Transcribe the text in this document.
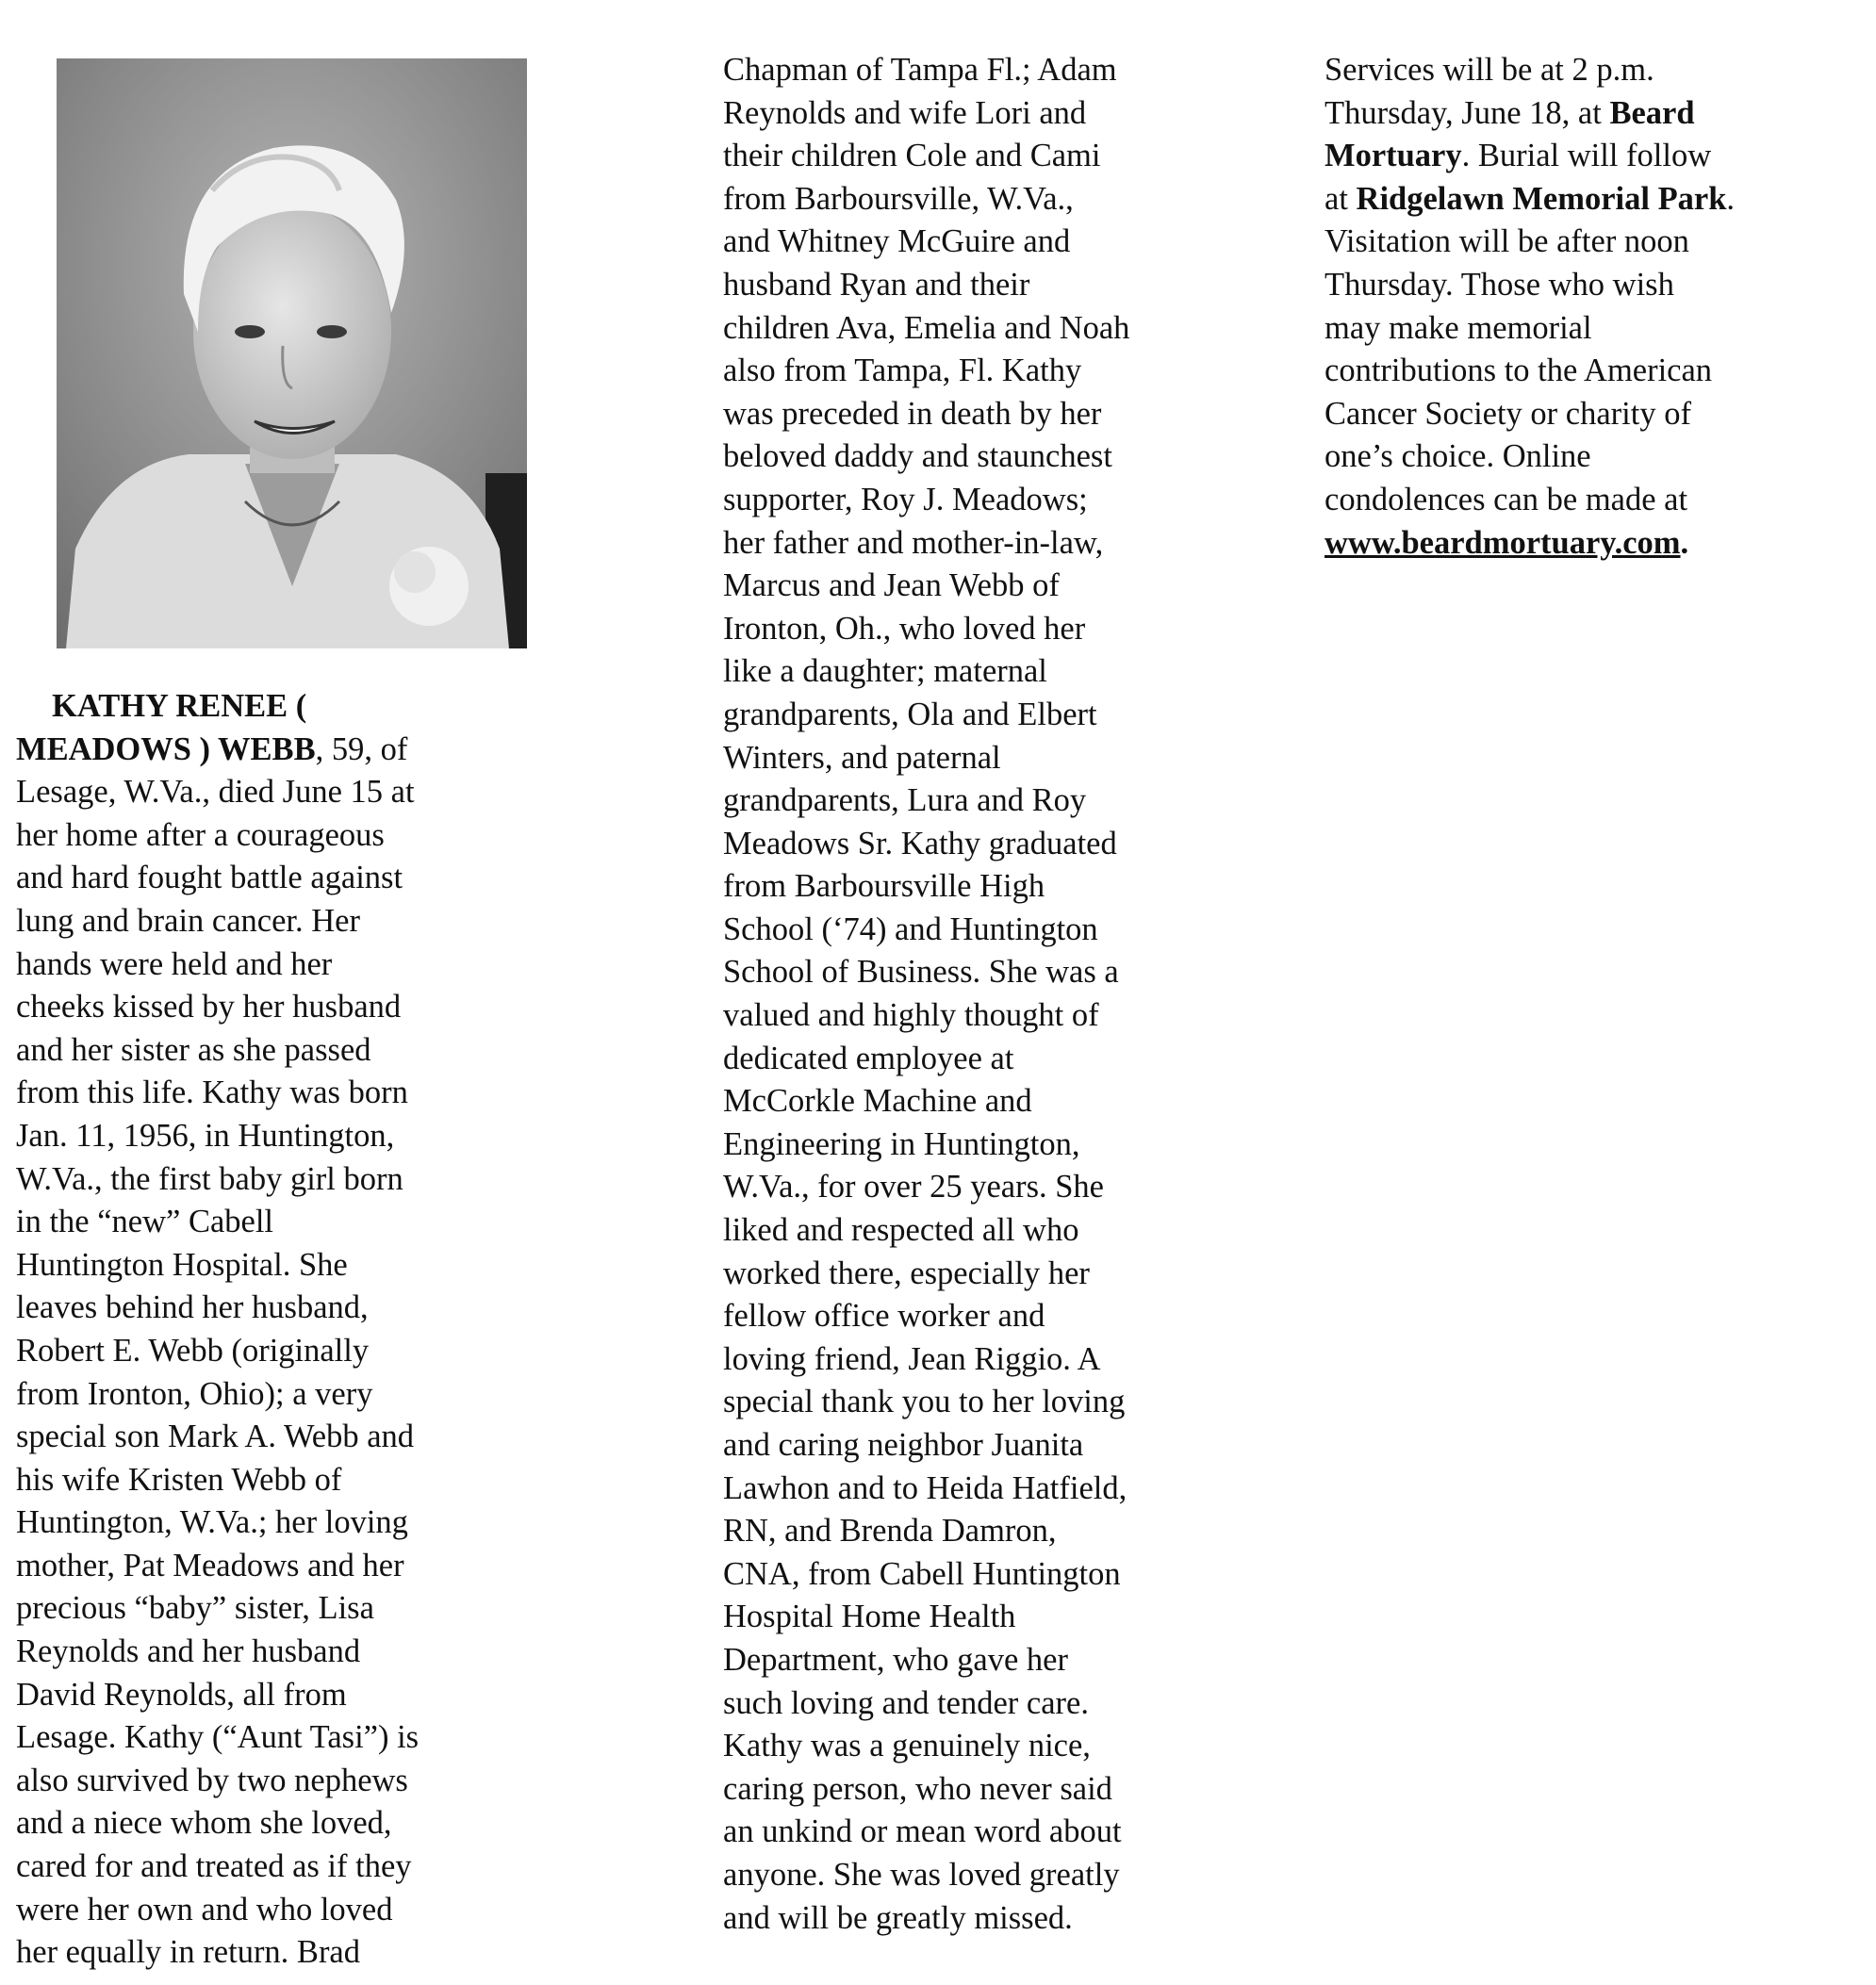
KATHY RENEE (
MEADOWS ) WEBB, 59, of
Lesage, W.Va., died June 15 at
her home after a courageous
and hard fought battle against
lung and brain cancer. Her
hands were held and her
cheeks kissed by her husband
and her sister as she passed
from this life. Kathy was born
Jan. 11, 1956, in Huntington,
W.Va., the first baby girl born
in the “new” Cabell
Huntington Hospital. She
leaves behind her husband,
Robert E. Webb (originally
from Ironton, Ohio); a very
special son Mark A. Webb and
his wife Kristen Webb of
Huntington, W.Va.; her loving
mother, Pat Meadows and her
precious “baby” sister, Lisa
Reynolds and her husband
David Reynolds, all from
Lesage. Kathy (“Aunt Tasi”) is
also survived by two nephews
and a niece whom she loved,
cared for and treated as if they
were her own and who loved
her equally in return. Brad
Chapman of Tampa Fl.; Adam
Reynolds and wife Lori and
their children Cole and Cami
from Barboursville, W.Va.,
and Whitney McGuire and
husband Ryan and their
children Ava, Emelia and Noah
also from Tampa, Fl. Kathy
was preceded in death by her
beloved daddy and staunchest
supporter, Roy J. Meadows;
her father and mother-in-law,
Marcus and Jean Webb of
Ironton, Oh., who loved her
like a daughter; maternal
grandparents, Ola and Elbert
Winters, and paternal
grandparents, Lura and Roy
Meadows Sr. Kathy graduated
from Barboursville High
School (‘74) and Huntington
School of Business. She was a
valued and highly thought of
dedicated employee at
McCorkle Machine and
Engineering in Huntington,
W.Va., for over 25 years. She
liked and respected all who
worked there, especially her
fellow office worker and
loving friend, Jean Riggio. A
special thank you to her loving
and caring neighbor Juanita
Lawhon and to Heida Hatfield,
RN, and Brenda Damron,
CNA, from Cabell Huntington
Hospital Home Health
Department, who gave her
such loving and tender care.
Kathy was a genuinely nice,
caring person, who never said
an unkind or mean word about
anyone. She was loved greatly
and will be greatly missed.
Services will be at 2 p.m.
Thursday, June 18, at Beard
Mortuary. Burial will follow
at Ridgelawn Memorial Park.
Visitation will be after noon
Thursday. Those who wish
may make memorial
contributions to the American
Cancer Society or charity of
one’s choice. Online
condolences can be made at
www.beardmortuary.com.
